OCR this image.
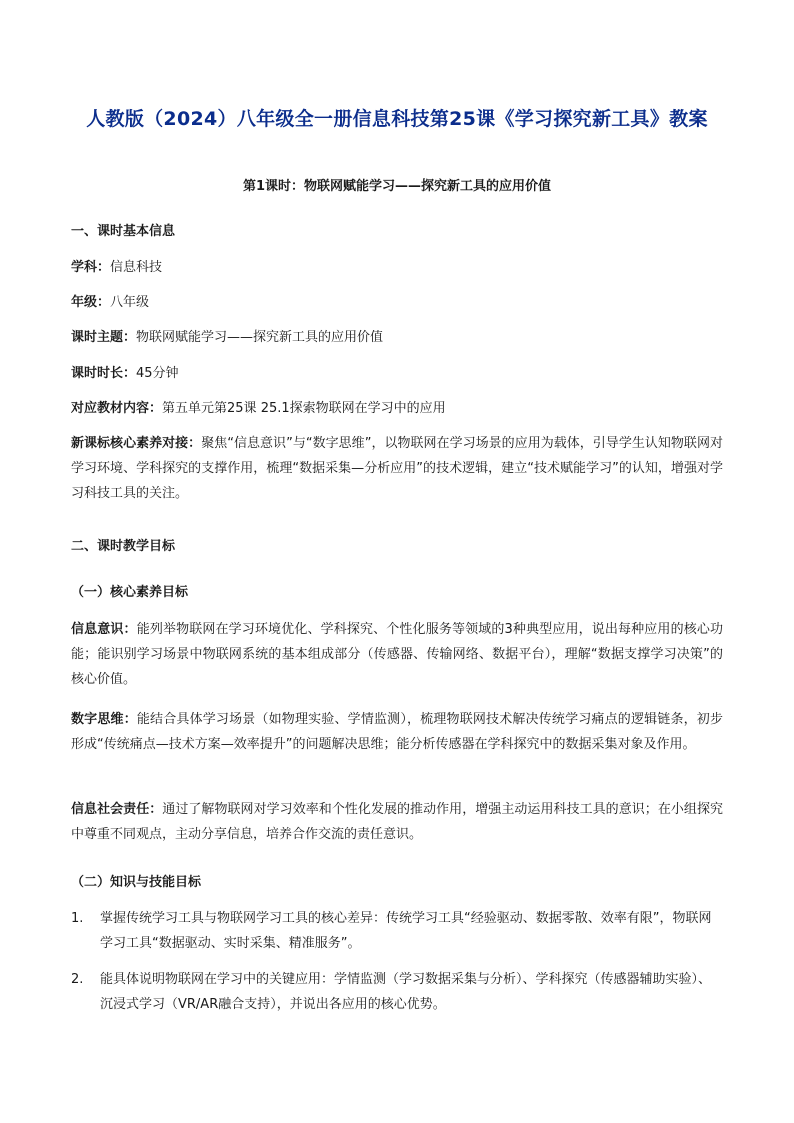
人教版（2024）八年级全一册信息科技第25课《学习探究新工具》教案
第1课时：物联网赋能学习——探究新工具的应用价值
一、课时基本信息
学科：信息科技
年级：八年级
课时主题：物联网赋能学习——探究新工具的应用价值
课时时长：45分钟
对应教材内容：第五单元第25课 25.1探索物联网在学习中的应用
新课标核心素养对接：聚焦“信息意识”与“数字思维”，以物联网在学习场景的应用为载体，引导学生认知物联网对学习环境、学科探究的支撑作用，梳理“数据采集—分析应用”的技术逻辑，建立“技术赋能学习”的认知，增强对学习科技工具的关注。
二、课时教学目标
（一）核心素养目标
信息意识：能列举物联网在学习环境优化、学科探究、个性化服务等领域的3种典型应用，说出每种应用的核心功能；能识别学习场景中物联网系统的基本组成部分（传感器、传输网络、数据平台），理解“数据支撑学习决策”的核心价值。
数字思维：能结合具体学习场景（如物理实验、学情监测），梳理物联网技术解决传统学习痛点的逻辑链条，初步形成“传统痛点—技术方案—效率提升”的问题解决思维；能分析传感器在学科探究中的数据采集对象及作用。
信息社会责任：通过了解物联网对学习效率和个性化发展的推动作用，增强主动运用科技工具的意识；在小组探究中尊重不同观点，主动分享信息，培养合作交流的责任意识。
（二）知识与技能目标
1.	掌握传统学习工具与物联网学习工具的核心差异：传统学习工具“经验驱动、数据零散、效率有限”，物联网学习工具“数据驱动、实时采集、精准服务”。
2.	能具体说明物联网在学习中的关键应用：学情监测（学习数据采集与分析）、学科探究（传感器辅助实验）、沉浸式学习（VR/AR融合支持），并说出各应用的核心优势。
